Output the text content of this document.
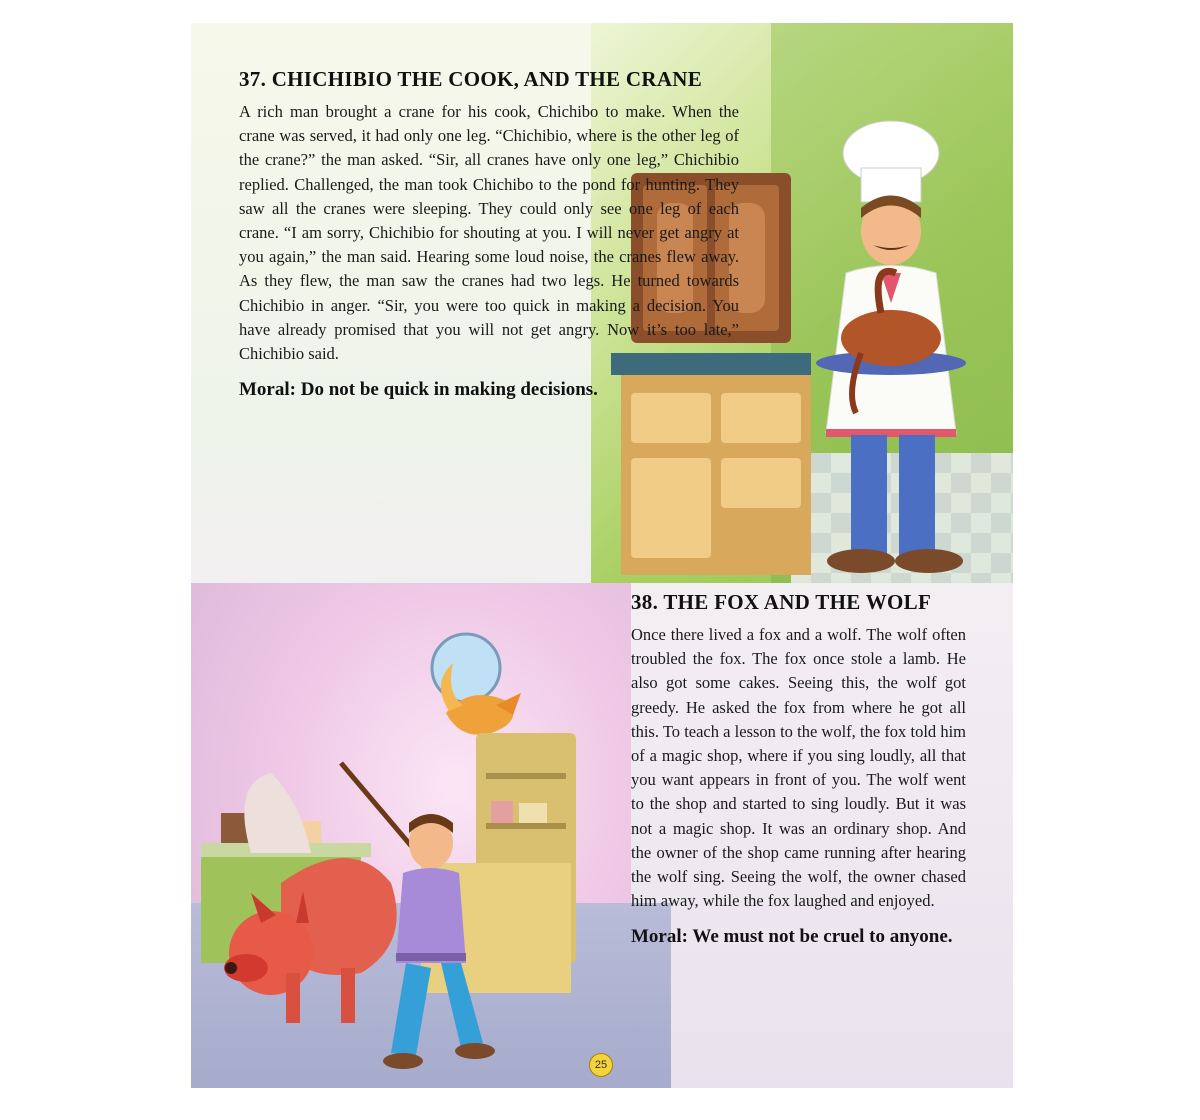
37. CHICHIBIO THE COOK, AND THE CRANE

A rich man brought a crane for his cook, Chichibo to make. When the crane was served, it had only one leg. “Chichibio, where is the other leg of the crane?” the man asked. “Sir, all cranes have only one leg,” Chichibio replied. Challenged, the man took Chichibo to the pond for hunting. They saw all the cranes were sleeping. They could only see one leg of each crane. “I am sorry, Chichibio for shouting at you. I will never get angry at you again,” the man said. Hearing some loud noise, the cranes flew away. As they flew, the man saw the cranes had two legs. He turned towards Chichibio in anger. “Sir, you were too quick in making a decision. You have already promised that you will not get angry. Now it’s too late,” Chichibio said.

Moral: Do not be quick in making decisions.

38. THE FOX AND THE WOLF

Once there lived a fox and a wolf. The wolf often troubled the fox. The fox once stole a lamb. He also got some cakes. Seeing this, the wolf got greedy. He asked the fox from where he got all this. To teach a lesson to the wolf, the fox told him of a magic shop, where if you sing loudly, all that you want appears in front of you. The wolf went to the shop and started to sing loudly. But it was not a magic shop. It was an ordinary shop. And the owner of the shop came running after hearing the wolf sing. Seeing the wolf, the owner chased him away, while the fox laughed and enjoyed.

Moral: We must not be cruel to anyone.

25
